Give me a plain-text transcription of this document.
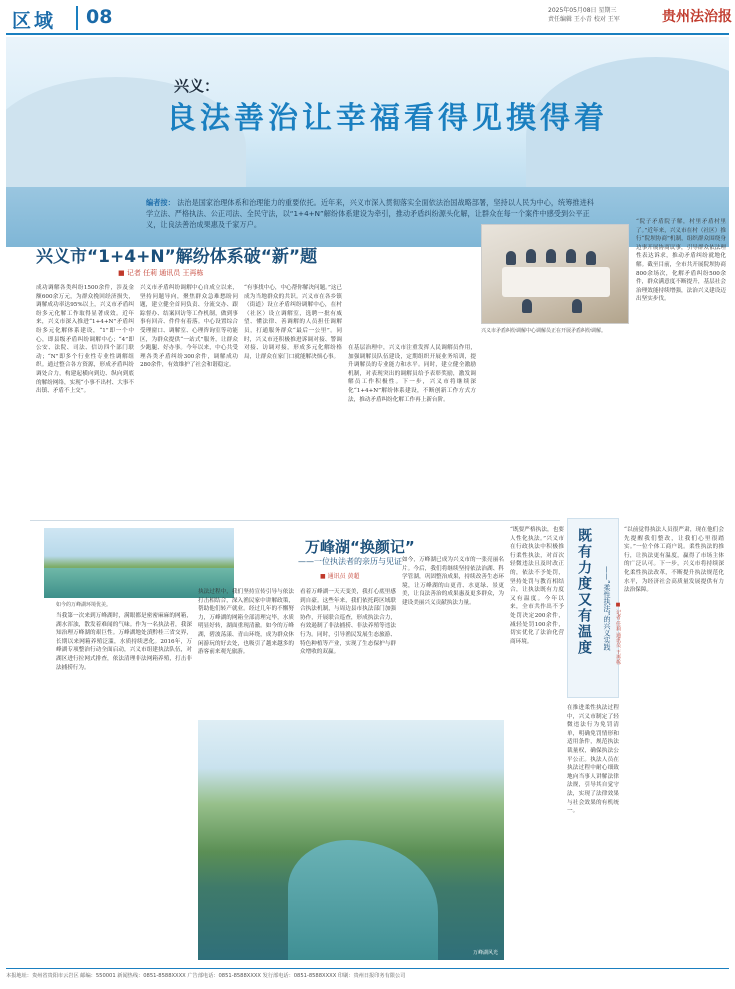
区域 08	2025年05月08日 星期三
责任编辑 王小青 校对 王军	贵州法治报
兴义：
良法善治让幸福看得见摸得着
编者按： 法治是国家治理体系和治理能力的重要依托。近年来，兴义市深入贯彻落实全面依法治国战略部署，坚持以人民为中心，统筹推进科学立法、严格执法、公正司法、全民守法，以“1+4+N”解纷体系建设为牵引，推动矛盾纠纷源头化解，让群众在每一个案件中感受到公平正义，让良法善治成果惠及千家万户。
兴义市“1+4+N”解纷体系破“新”题
■ 记者 任莉 通讯员 王再栋
成功调解各类纠纷1500余件，涉及金额600余万元，为群众挽回经济损失，调解成功率达95%以上，兴义市矛盾纠纷多元化解工作取得显著成效。近年来，兴义市深入推进“1+4+N”矛盾纠纷多元化解体系建设，“1”即一个中心，即县级矛盾纠纷调解中心；“4”即公安、法院、司法、信访四个部门联动；“N”即多个行业性专业性调解组织。通过整合各方资源，形成矛盾纠纷调处合力，构建起横向到边、纵向到底的解纷网络，实现“小事不出村、大事不出镇、矛盾不上交”。
兴义市矛盾纠纷调解中心自成立以来，坚持问题导向，聚焦群众急难愁盼问题，建立健全首问负责、分流交办、跟踪督办、结案回访等工作机制，做到事事有回音、件件有着落。中心设置综合受理窗口、调解室、心理咨询室等功能区，为群众提供“一站式”服务，让群众少跑腿、好办事。今年以来，中心共受理各类矛盾纠纷300余件，调解成功280余件，有效维护了社会和谐稳定。
“有事找中心，中心帮你解决问题。”这已成为当地群众的共识。兴义市在各乡镇（街道）设立矛盾纠纷调解中心，在村（社区）设立调解室，选聘一批有威望、懂法律、善调解的人员担任调解员，打通服务群众“最后一公里”。同时，兴义市还积极推进诉调对接、警调对接、访调对接，形成多元化解纷格局，让群众在家门口就能解决烦心事。
在基层治理中，兴义市注重发挥人民调解员作用，加强调解员队伍建设，定期组织开展业务培训，提升调解员的专业能力和水平。同时，建立健全激励机制，对表现突出的调解员给予表彰奖励，激发调解员工作积极性。下一步，兴义市将继续深化“1+4+N”解纷体系建设，不断创新工作方式方法，推动矛盾纠纷化解工作再上新台阶。
“院子矛盾院子解，村里矛盾村里了。”近年来，兴义市在村（社区）推行“院坝协商”机制，组织群众围绕身边事开展协商议事，引导群众依法理性表达诉求，推动矛盾纠纷就地化解。截至目前，全市共开展院坝协商800余场次，化解矛盾纠纷500余件，群众满意度不断提升，基层社会治理效能持续增强，法治兴义建设迈出坚实步伐。
兴义市矛盾纠纷调解中心调解员正在开展矛盾纠纷调解。
如今的万峰湖环境优美。
万峰湖“换颜记”
——一位执法者的亲历与见证
■ 通讯员 黄超
当我第一次来到万峰湖时，满眼都是密密麻麻的网箱，湖水浑浊，散发着难闻的气味。作为一名执法者，我深知治理万峰湖的艰巨性。万峰湖地处滇黔桂三省交界，长期以来网箱养殖泛滥，水质持续恶化。2016年，万峰湖专项整治行动全面启动，兴义市组建执法队伍，对湖区进行拉网式排查，依法清理非法网箱养殖，打击非法捕捞行为。
执法过程中，我们坚持宣传引导与依法打击相结合，深入渔民家中讲解政策，帮助他们转产就业。经过几年的不懈努力，万峰湖的网箱全部清理完毕，水质明显好转，湖面重现清澈。如今的万峰湖，碧波荡漾、青山环绕，成为群众休闲游玩的好去处，也吸引了越来越多的游客前来观光旅游。
看着万峰湖一天天变美，我打心底里感到自豪。这些年来，我们依托跨区域联合执法机制，与周边县市执法部门加强协作，开展联合巡查，形成执法合力，有效遏制了非法捕捞、非法养殖等违法行为。同时，引导渔民发展生态旅游、特色种植等产业，实现了生态保护与群众增收的双赢。
如今，万峰湖已成为兴义市的一张亮丽名片。今后，我们将继续坚持依法治湖、科学管湖，巩固整治成果，持续改善生态环境，让万峰湖的山更青、水更绿、景更美，让良法善治的成果惠及更多群众，为建设美丽兴义贡献执法力量。
万峰湖风光
“既要严格执法，也要人性化执法。”兴义市在行政执法中积极推行柔性执法，对首次轻微违法且及时改正的，依法不予处罚，坚持处罚与教育相结合，让执法既有力度又有温度。今年以来，全市共作出不予处罚决定200余件，减轻处罚100余件，切实优化了法治化营商环境。	既有力度又有温度	——“柔性执法”的兴义实践 ■ 记者 任莉 通讯员 王再栋
在推进柔性执法过程中，兴义市制定了轻微违法行为免罚清单，明确免罚情形和适用条件，规范执法裁量权，确保执法公平公正。执法人员在执法过程中耐心细致地向当事人讲解法律法规，引导其自觉守法，实现了法律效果与社会效果的有机统一。
“以前觉得执法人员很严肃，现在他们会先提醒我们整改，让我们心里很踏实。”一位个体工商户说。柔性执法的推行，让执法更有温度，赢得了市场主体的广泛认可。下一步，兴义市将持续深化柔性执法改革，不断提升执法规范化水平，为经济社会高质量发展提供有力法治保障。
本报地址：贵州省贵阳市云岩区 邮编：550001 新闻热线：0851-8588XXXX 广告部电话：0851-8588XXXX 发行部电话：0851-8588XXXX 印刷：贵州日报印务有限公司
